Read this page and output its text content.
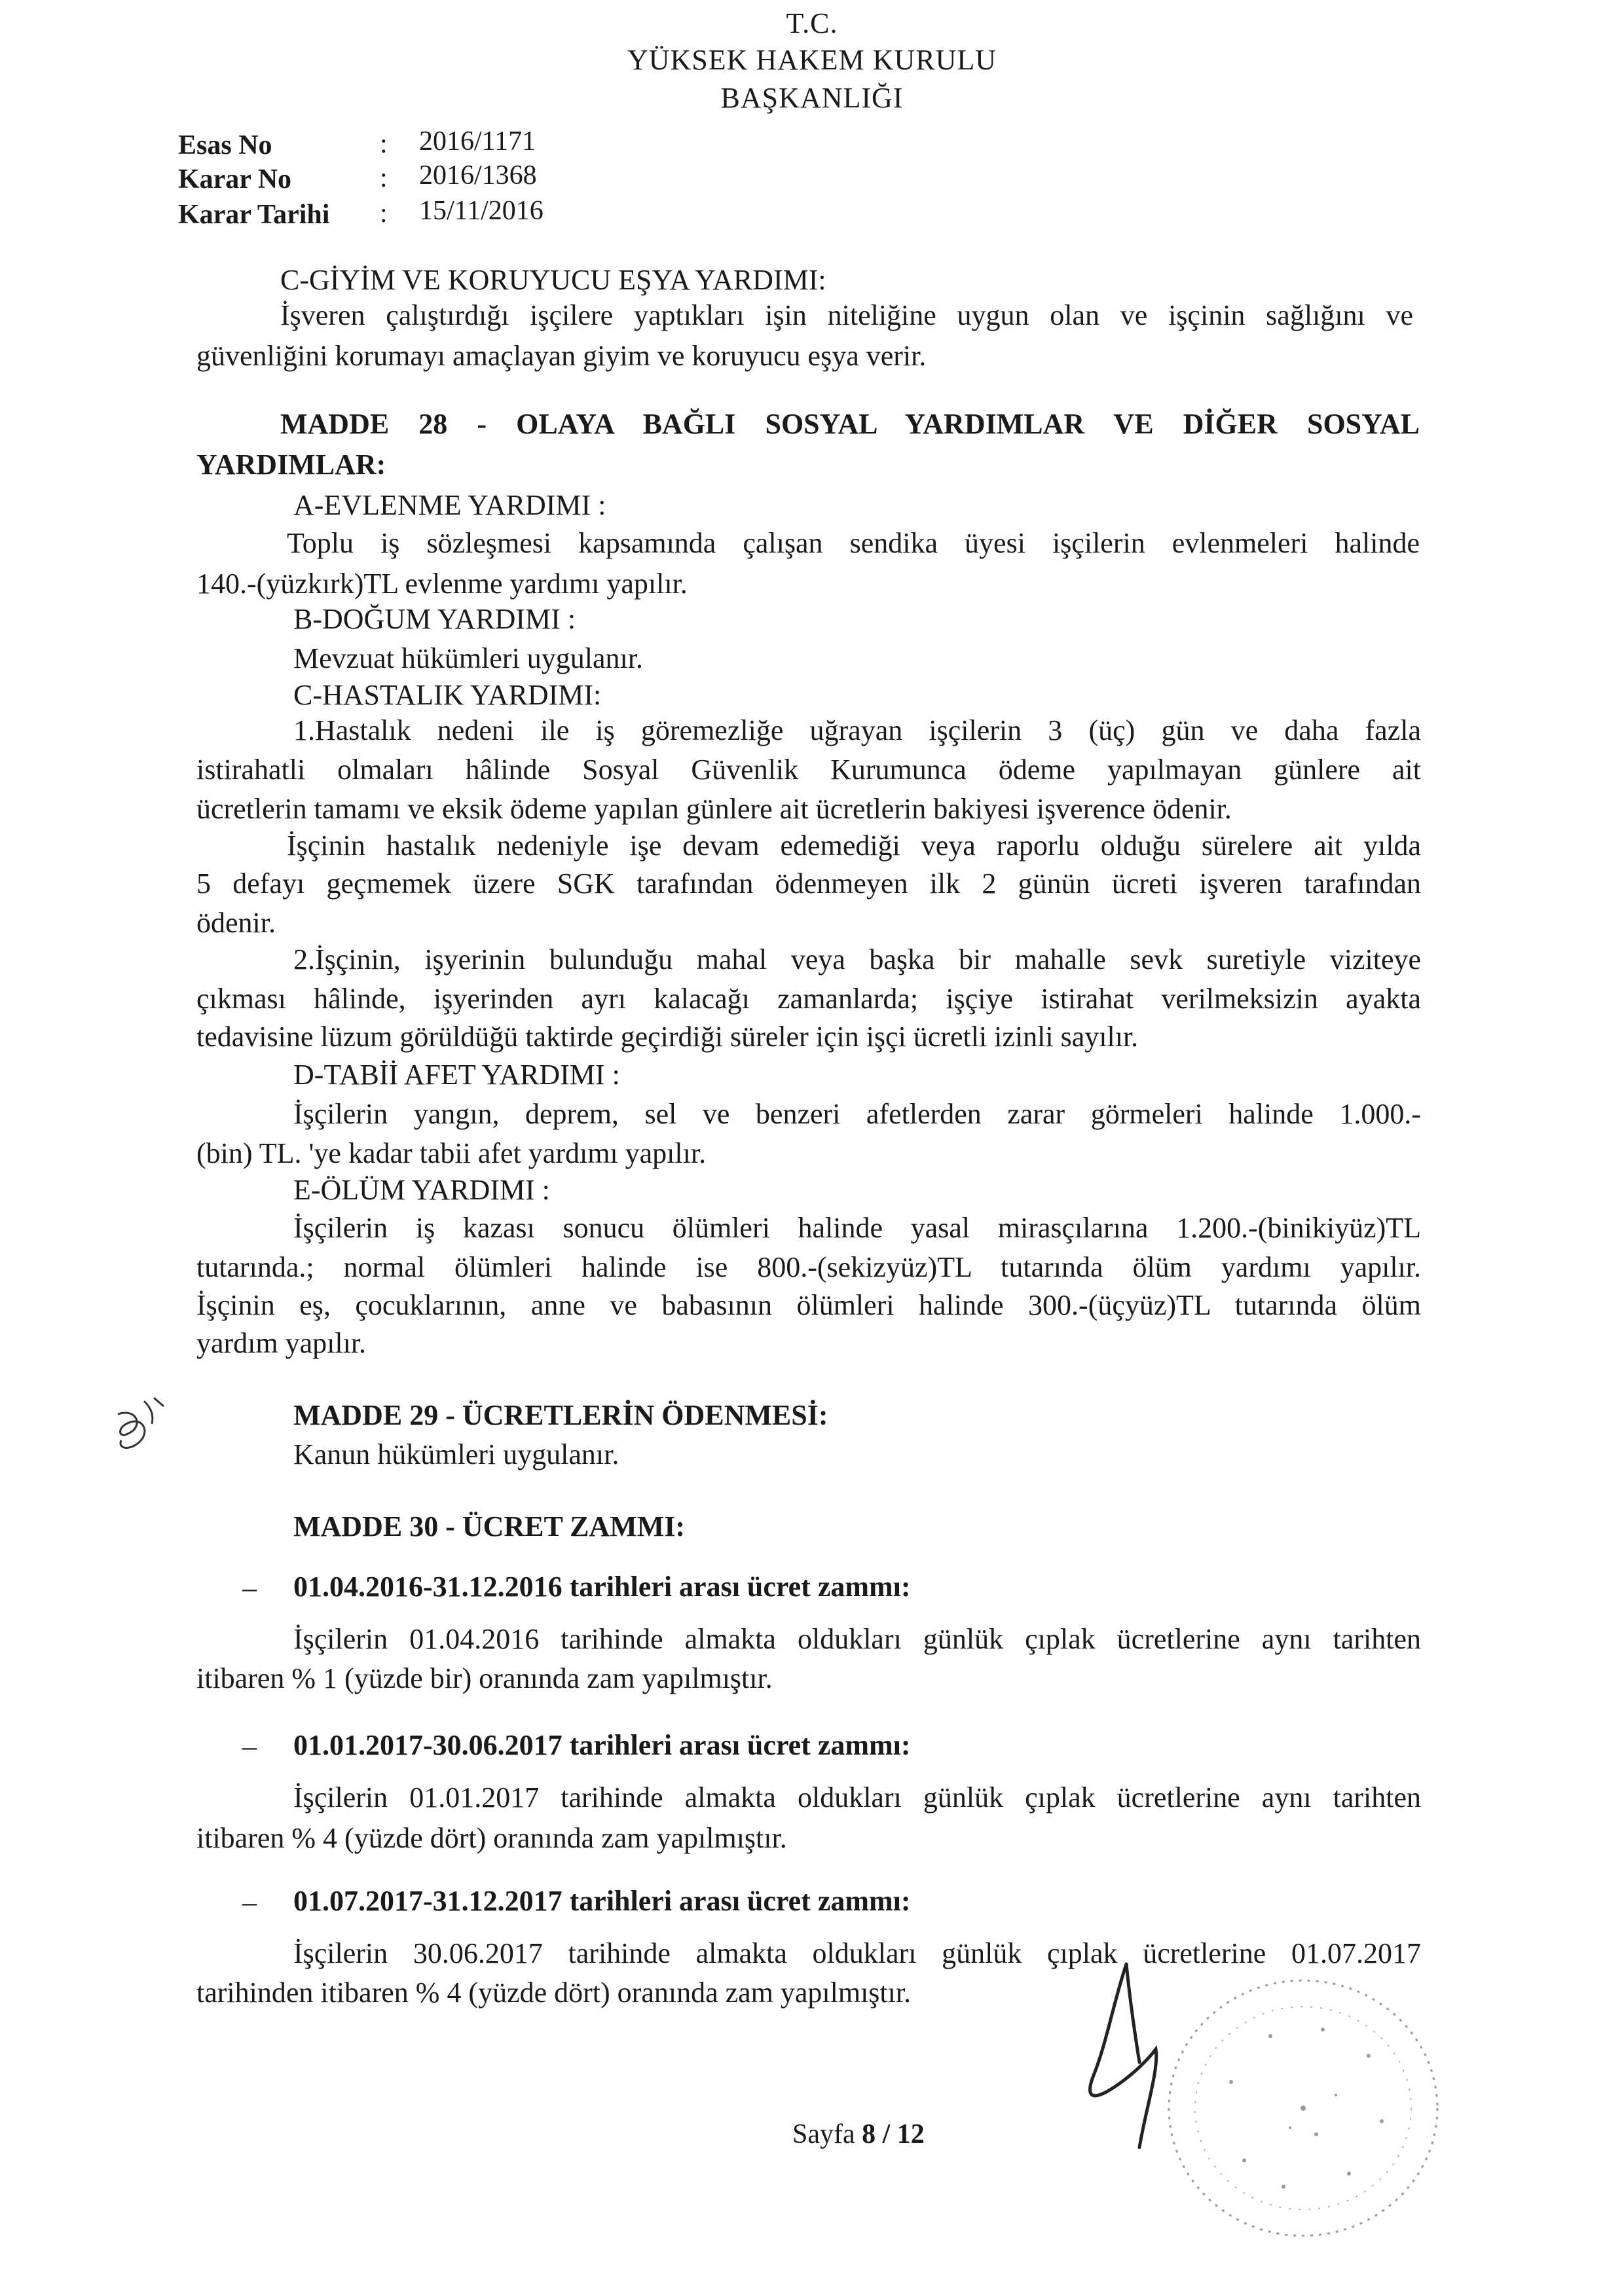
T.C.
YÜKSEK HAKEM KURULU
BAŞKANLIĞI
Esas No	: 2016/1171
Karar No	: 2016/1368
Karar Tarihi : 15/11/2016
C-GİYİM VE KORUYUCU EŞYA YARDIMI:
İşveren çalıştırdığı işçilere yaptıkları işin niteliğine uygun olan ve işçinin sağlığını ve
güvenliğini korumayı amaçlayan giyim ve koruyucu eşya verir.
MADDE 28 - OLAYA BAĞLI SOSYAL YARDIMLAR VE DİĞER SOSYAL
YARDIMLAR:
A-EVLENME YARDIMI :
Toplu iş sözleşmesi kapsamında çalışan sendika üyesi işçilerin evlenmeleri halinde
140.-(yüzkırk)TL evlenme yardımı yapılır.
B-DOĞUM YARDIMI :
Mevzuat hükümleri uygulanır.
C-HASTALIK YARDIMI:
1.Hastalık nedeni ile iş göremezliğe uğrayan işçilerin 3 (üç) gün ve daha fazla
istirahatli olmaları hâlinde Sosyal Güvenlik Kurumunca ödeme yapılmayan günlere ait
ücretlerin tamamı ve eksik ödeme yapılan günlere ait ücretlerin bakiyesi işverence ödenir.
İşçinin hastalık nedeniyle işe devam edemediği veya raporlu olduğu sürelere ait yılda
5 defayı geçmemek üzere SGK tarafından ödenmeyen ilk 2 günün ücreti işveren tarafından
ödenir.
2.İşçinin, işyerinin bulunduğu mahal veya başka bir mahalle sevk suretiyle viziteye
çıkması hâlinde, işyerinden ayrı kalacağı zamanlarda; işçiye istirahat verilmeksizin ayakta
tedavisine lüzum görüldüğü taktirde geçirdiği süreler için işçi ücretli izinli sayılır.
D-TABİİ AFET YARDIMI :
İşçilerin yangın, deprem, sel ve benzeri afetlerden zarar görmeleri halinde 1.000.-
(bin) TL. 'ye kadar tabii afet yardımı yapılır.
E-ÖLÜM YARDIMI :
İşçilerin iş kazası sonucu ölümleri halinde yasal mirasçılarına 1.200.-(binikiyüz)TL
tutarında.; normal ölümleri halinde ise 800.-(sekizyüz)TL tutarında ölüm yardımı yapılır.
İşçinin eş, çocuklarının, anne ve babasının ölümleri halinde 300.-(üçyüz)TL tutarında ölüm
yardım yapılır.
MADDE 29 - ÜCRETLERİN ÖDENMESİ:
Kanun hükümleri uygulanır.
MADDE 30 - ÜCRET ZAMMI:
– 01.04.2016-31.12.2016 tarihleri arası ücret zammı:
İşçilerin 01.04.2016 tarihinde almakta oldukları günlük çıplak ücretlerine aynı tarihten
itibaren % 1 (yüzde bir) oranında zam yapılmıştır.
– 01.01.2017-30.06.2017 tarihleri arası ücret zammı:
İşçilerin 01.01.2017 tarihinde almakta oldukları günlük çıplak ücretlerine aynı tarihten
itibaren % 4 (yüzde dört) oranında zam yapılmıştır.
– 01.07.2017-31.12.2017 tarihleri arası ücret zammı:
İşçilerin 30.06.2017 tarihinde almakta oldukları günlük çıplak ücretlerine 01.07.2017
tarihinden itibaren % 4 (yüzde dört) oranında zam yapılmıştır.
Sayfa 8 / 12
